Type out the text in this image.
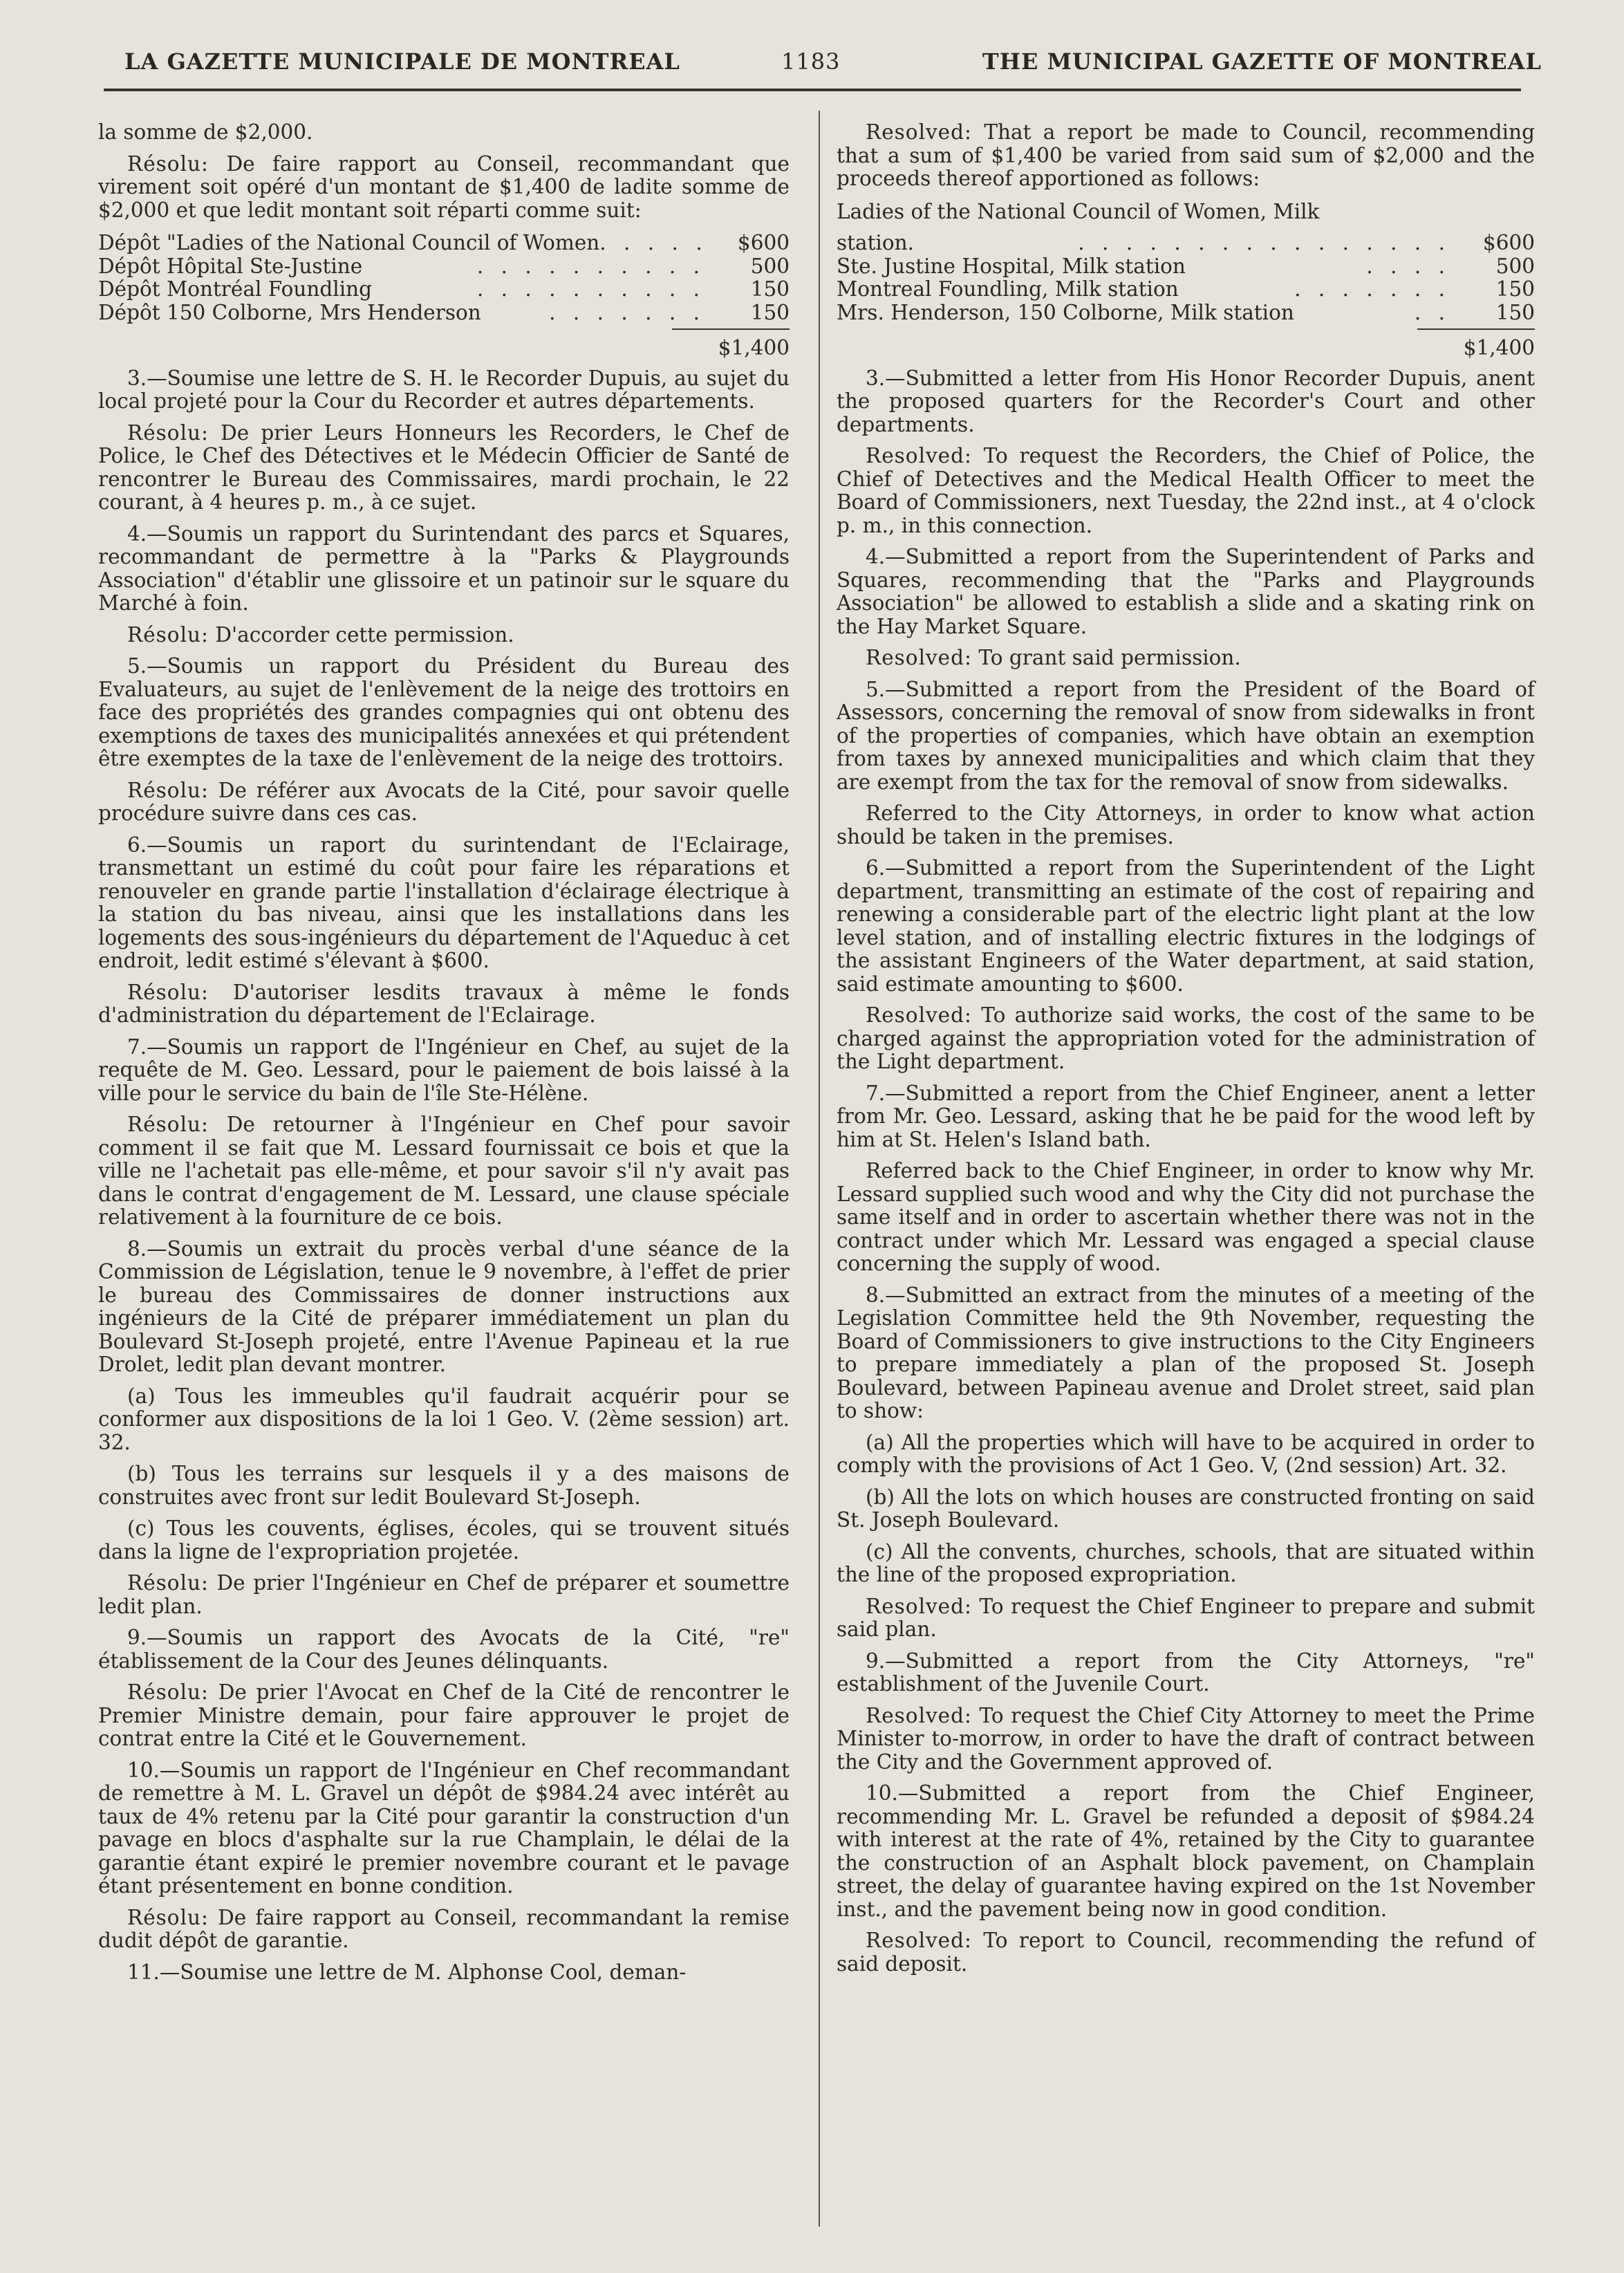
LA GAZETTE MUNICIPALE DE MONTREAL	1183	THE MUNICIPAL GAZETTE OF MONTREAL

la somme de $2,000.

Résolu: De faire rapport au Conseil, recommandant que virement soit opéré d'un montant de $1,400 de ladite somme de $2,000 et que ledit montant soit réparti comme suit:

Dépôt "Ladies of the National Council of Women . . . . .	$600
Dépôt Hôpital Ste-Justine	. . . . . . . . . .	500
Dépôt Montréal Foundling	. . . . . . . . . .	150
Dépôt 150 Colborne, Mrs Henderson	. . . . . . .	150
$1,400

3.—Soumise une lettre de S. H. le Recorder Dupuis, au sujet du local projeté pour la Cour du Recorder et autres départements.

Résolu: De prier Leurs Honneurs les Recorders, le Chef de Police, le Chef des Détectives et le Médecin Officier de Santé de rencontrer le Bureau des Commissaires, mardi prochain, le 22 courant, à 4 heures p. m., à ce sujet.

4.—Soumis un rapport du Surintendant des parcs et Squares, recommandant de permettre à la "Parks & Playgrounds Association" d'établir une glissoire et un patinoir sur le square du Marché à foin.

Résolu: D'accorder cette permission.

5.—Soumis un rapport du Président du Bureau des Evaluateurs, au sujet de l'enlèvement de la neige des trottoirs en face des propriétés des grandes compagnies qui ont obtenu des exemptions de taxes des municipalités annexées et qui prétendent être exemptes de la taxe de l'enlèvement de la neige des trottoirs.

Résolu: De référer aux Avocats de la Cité, pour savoir quelle procédure suivre dans ces cas.

6.—Soumis un raport du surintendant de l'Eclairage, transmettant un estimé du coût pour faire les réparations et renouveler en grande partie l'installation d'éclairage électrique à la station du bas niveau, ainsi que les installations dans les logements des sous-ingénieurs du département de l'Aqueduc à cet endroit, ledit estimé s'élevant à $600.

Résolu: D'autoriser lesdits travaux à même le fonds d'administration du département de l'Eclairage.

7.—Soumis un rapport de l'Ingénieur en Chef, au sujet de la requête de M. Geo. Lessard, pour le paiement de bois laissé à la ville pour le service du bain de l'île Ste-Hélène.

Résolu: De retourner à l'Ingénieur en Chef pour savoir comment il se fait que M. Lessard fournissait ce bois et que la ville ne l'achetait pas elle-même, et pour savoir s'il n'y avait pas dans le contrat d'engagement de M. Lessard, une clause spéciale relativement à la fourniture de ce bois.

8.—Soumis un extrait du procès verbal d'une séance de la Commission de Législation, tenue le 9 novembre, à l'effet de prier le bureau des Commissaires de donner instructions aux ingénieurs de la Cité de préparer immédiatement un plan du Boulevard St-Joseph projeté, entre l'Avenue Papineau et la rue Drolet, ledit plan devant montrer.

(a) Tous les immeubles qu'il faudrait acquérir pour se conformer aux dispositions de la loi 1 Geo. V. (2ème session) art. 32.

(b) Tous les terrains sur lesquels il y a des maisons de construites avec front sur ledit Boulevard St-Joseph.

(c) Tous les couvents, églises, écoles, qui se trouvent situés dans la ligne de l'expropriation projetée.

Résolu: De prier l'Ingénieur en Chef de préparer et soumettre ledit plan.

9.—Soumis un rapport des Avocats de la Cité, "re" établissement de la Cour des Jeunes délinquants.

Résolu: De prier l'Avocat en Chef de la Cité de rencontrer le Premier Ministre demain, pour faire approuver le projet de contrat entre la Cité et le Gouvernement.

10.—Soumis un rapport de l'Ingénieur en Chef recommandant de remettre à M. L. Gravel un dépôt de $984.24 avec intérêt au taux de 4% retenu par la Cité pour garantir la construction d'un pavage en blocs d'asphalte sur la rue Champlain, le délai de la garantie étant expiré le premier novembre courant et le pavage étant présentement en bonne condition.

Résolu: De faire rapport au Conseil, recommandant la remise dudit dépôt de garantie.

11.—Soumise une lettre de M. Alphonse Cool, deman-

Resolved: That a report be made to Council, recommending that a sum of $1,400 be varied from said sum of $2,000 and the proceeds thereof apportioned as follows:

Ladies of the National Council of Women, Milk
station.	. . . . . . . . . . . . . . . .	$600
Ste. Justine Hospital, Milk station	. . . .	500
Montreal Foundling, Milk station	. . . . . . .	150
Mrs. Henderson, 150 Colborne, Milk station	. .	150
$1,400

3.—Submitted a letter from His Honor Recorder Dupuis, anent the proposed quarters for the Recorder's Court and other departments.

Resolved: To request the Recorders, the Chief of Police, the Chief of Detectives and the Medical Health Officer to meet the Board of Commissioners, next Tuesday, the 22nd inst., at 4 o'clock p. m., in this connection.

4.—Submitted a report from the Superintendent of Parks and Squares, recommending that the "Parks and Playgrounds Association" be allowed to establish a slide and a skating rink on the Hay Market Square.

Resolved: To grant said permission.

5.—Submitted a report from the President of the Board of Assessors, concerning the removal of snow from sidewalks in front of the properties of companies, which have obtain an exemption from taxes by annexed municipalities and which claim that they are exempt from the tax for the removal of snow from sidewalks.

Referred to the City Attorneys, in order to know what action should be taken in the premises.

6.—Submitted a report from the Superintendent of the Light department, transmitting an estimate of the cost of repairing and renewing a considerable part of the electric light plant at the low level station, and of installing electric fixtures in the lodgings of the assistant Engineers of the Water department, at said station, said estimate amounting to $600.

Resolved: To authorize said works, the cost of the same to be charged against the appropriation voted for the administration of the Light department.

7.—Submitted a report from the Chief Engineer, anent a letter from Mr. Geo. Lessard, asking that he be paid for the wood left by him at St. Helen's Island bath.

Referred back to the Chief Engineer, in order to know why Mr. Lessard supplied such wood and why the City did not purchase the same itself and in order to ascertain whether there was not in the contract under which Mr. Lessard was engaged a special clause concerning the supply of wood.

8.—Submitted an extract from the minutes of a meeting of the Legislation Committee held the 9th November, requesting the Board of Commissioners to give instructions to the City Engineers to prepare immediately a plan of the proposed St. Joseph Boulevard, between Papineau avenue and Drolet street, said plan to show:

(a) All the properties which will have to be acquired in order to comply with the provisions of Act 1 Geo. V, (2nd session) Art. 32.

(b) All the lots on which houses are constructed fronting on said St. Joseph Boulevard.

(c) All the convents, churches, schools, that are situated within the line of the proposed expropriation.

Resolved: To request the Chief Engineer to prepare and submit said plan.

9.—Submitted a report from the City Attorneys, "re" establishment of the Juvenile Court.

Resolved: To request the Chief City Attorney to meet the Prime Minister to-morrow, in order to have the draft of contract between the City and the Government approved of.

10.—Submitted a report from the Chief Engineer, recommending Mr. L. Gravel be refunded a deposit of $984.24 with interest at the rate of 4%, retained by the City to guarantee the construction of an Asphalt block pavement, on Champlain street, the delay of guarantee having expired on the 1st November inst., and the pavement being now in good condition.

Resolved: To report to Council, recommending the refund of said deposit.
